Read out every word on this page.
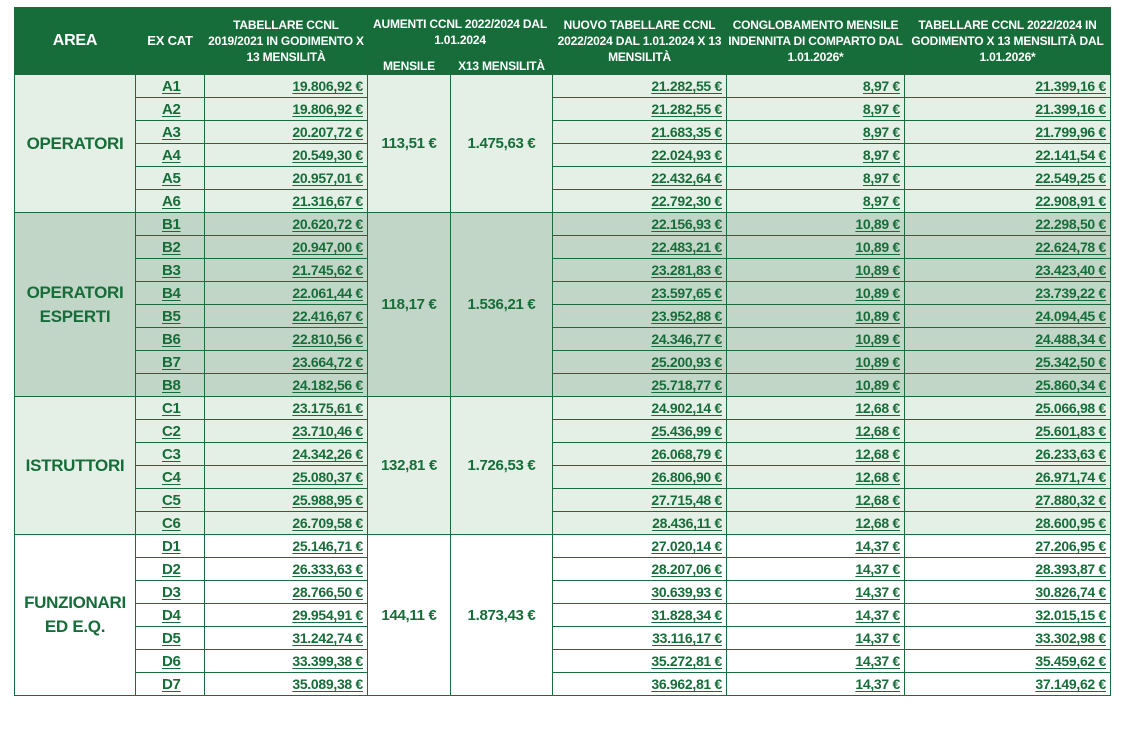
AREA	EX CAT	TABELLARE CCNL 2019/2021 IN GODIMENTO X 13 MENSILITÀ	AUMENTI CCNL 2022/2024 DAL 1.01.2024		NUOVO TABELLARE CCNL 2022/2024 DAL 1.01.2024 X 13 MENSILITÀ	CONGLOBAMENTO MENSILE INDENNITA DI COMPARTO DAL 1.01.2026*	TABELLARE CCNL 2022/2024 IN GODIMENTO X 13 MENSILITÀ DAL 1.01.2026*
			MENSILE	X13 MENSILITÀ			
OPERATORI	A1	19.806,92 €	113,51 €	1.475,63 €	21.282,55 €	8,97 €	21.399,16 €
	A2	19.806,92 €			21.282,55 €	8,97 €	21.399,16 €
	A3	20.207,72 €			21.683,35 €	8,97 €	21.799,96 €
	A4	20.549,30 €			22.024,93 €	8,97 €	22.141,54 €
	A5	20.957,01 €			22.432,64 €	8,97 €	22.549,25 €
	A6	21.316,67 €			22.792,30 €	8,97 €	22.908,91 €
OPERATORI ESPERTI	B1	20.620,72 €	118,17 €	1.536,21 €	22.156,93 €	10,89 €	22.298,50 €
	B2	20.947,00 €			22.483,21 €	10,89 €	22.624,78 €
	B3	21.745,62 €			23.281,83 €	10,89 €	23.423,40 €
	B4	22.061,44 €			23.597,65 €	10,89 €	23.739,22 €
	B5	22.416,67 €			23.952,88 €	10,89 €	24.094,45 €
	B6	22.810,56 €			24.346,77 €	10,89 €	24.488,34 €
	B7	23.664,72 €			25.200,93 €	10,89 €	25.342,50 €
	B8	24.182,56 €			25.718,77 €	10,89 €	25.860,34 €
ISTRUTTORI	C1	23.175,61 €	132,81 €	1.726,53 €	24.902,14 €	12,68 €	25.066,98 €
	C2	23.710,46 €			25.436,99 €	12,68 €	25.601,83 €
	C3	24.342,26 €			26.068,79 €	12,68 €	26.233,63 €
	C4	25.080,37 €			26.806,90 €	12,68 €	26.971,74 €
	C5	25.988,95 €			27.715,48 €	12,68 €	27.880,32 €
	C6	26.709,58 €			28.436,11 €	12,68 €	28.600,95 €
FUNZIONARI ED E.Q.	D1	25.146,71 €	144,11 €	1.873,43 €	27.020,14 €	14,37 €	27.206,95 €
	D2	26.333,63 €			28.207,06 €	14,37 €	28.393,87 €
	D3	28.766,50 €			30.639,93 €	14,37 €	30.826,74 €
	D4	29.954,91 €			31.828,34 €	14,37 €	32.015,15 €
	D5	31.242,74 €			33.116,17 €	14,37 €	33.302,98 €
	D6	33.399,38 €			35.272,81 €	14,37 €	35.459,62 €
	D7	35.089,38 €			36.962,81 €	14,37 €	37.149,62 €
